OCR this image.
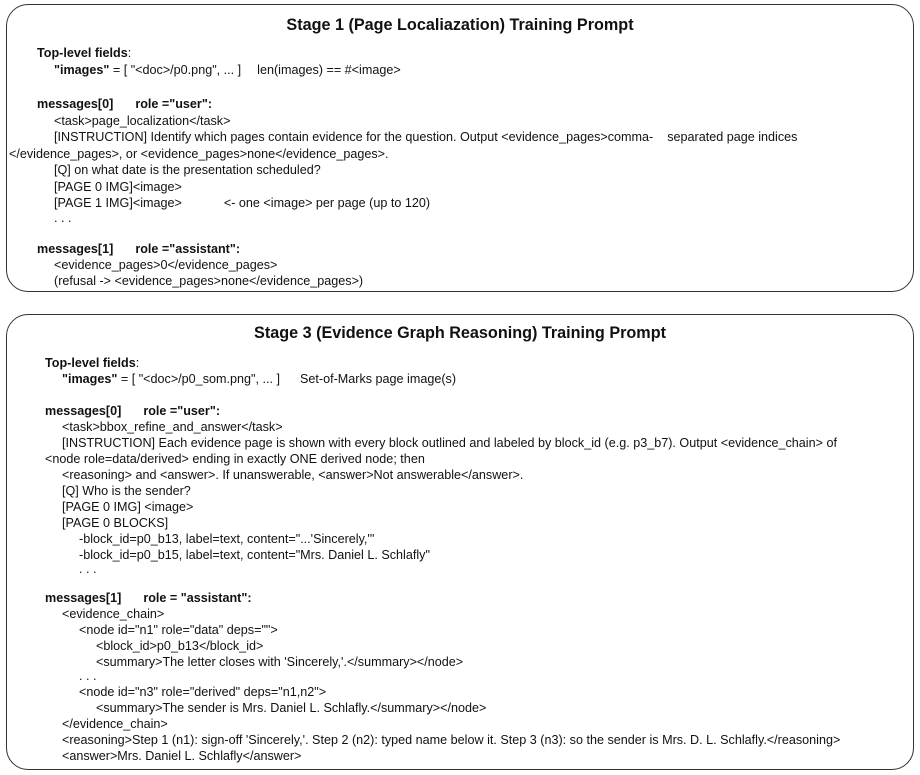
Stage 1 (Page Localiazation) Training Prompt
Top-level fields:
"images" = [ "<doc>/p0.png", ... ] len(images) == #<image>
messages[0] role ="user":
<task>page_localization</task>
[INSTRUCTION] Identify which pages contain evidence for the question. Output <evidence_pages>comma- separated page indices
</evidence_pages>, or <evidence_pages>none</evidence_pages>.
[Q] on what date is the presentation scheduled?
[PAGE 0 IMG]<image>
[PAGE 1 IMG]<image>	<- one <image> per page (up to 120)
. . .
messages[1] role ="assistant":
<evidence_pages>0</evidence_pages>
(refusal -> <evidence_pages>none</evidence_pages>)
Stage 3 (Evidence Graph Reasoning) Training Prompt
Top-level fields:
"images" = [ "<doc>/p0_som.png", ... ] Set-of-Marks page image(s)
messages[0] role ="user":
<task>bbox_refine_and_answer</task>
[INSTRUCTION] Each evidence page is shown with every block outlined and labeled by block_id (e.g. p3_b7). Output <evidence_chain> of
<node role=data/derived> ending in exactly ONE derived node; then
<reasoning> and <answer>. If unanswerable, <answer>Not answerable</answer>.
[Q] Who is the sender?
[PAGE 0 IMG] <image>
[PAGE 0 BLOCKS]
-block_id=p0_b13, label=text, content="...'Sincerely,'"
-block_id=p0_b15, label=text, content="Mrs. Daniel L. Schlafly"
. . .
messages[1] role = "assistant":
<evidence_chain>
<node id="n1" role="data" deps="">
<block_id>p0_b13</block_id>
<summary>The letter closes with 'Sincerely,'.</summary></node>
. . .
<node id="n3" role="derived" deps="n1,n2">
<summary>The sender is Mrs. Daniel L. Schlafly.</summary></node>
</evidence_chain>
<reasoning>Step 1 (n1): sign-off 'Sincerely,'. Step 2 (n2): typed name below it. Step 3 (n3): so the sender is Mrs. D. L. Schlafly.</reasoning>
<answer>Mrs. Daniel L. Schlafly</answer>
